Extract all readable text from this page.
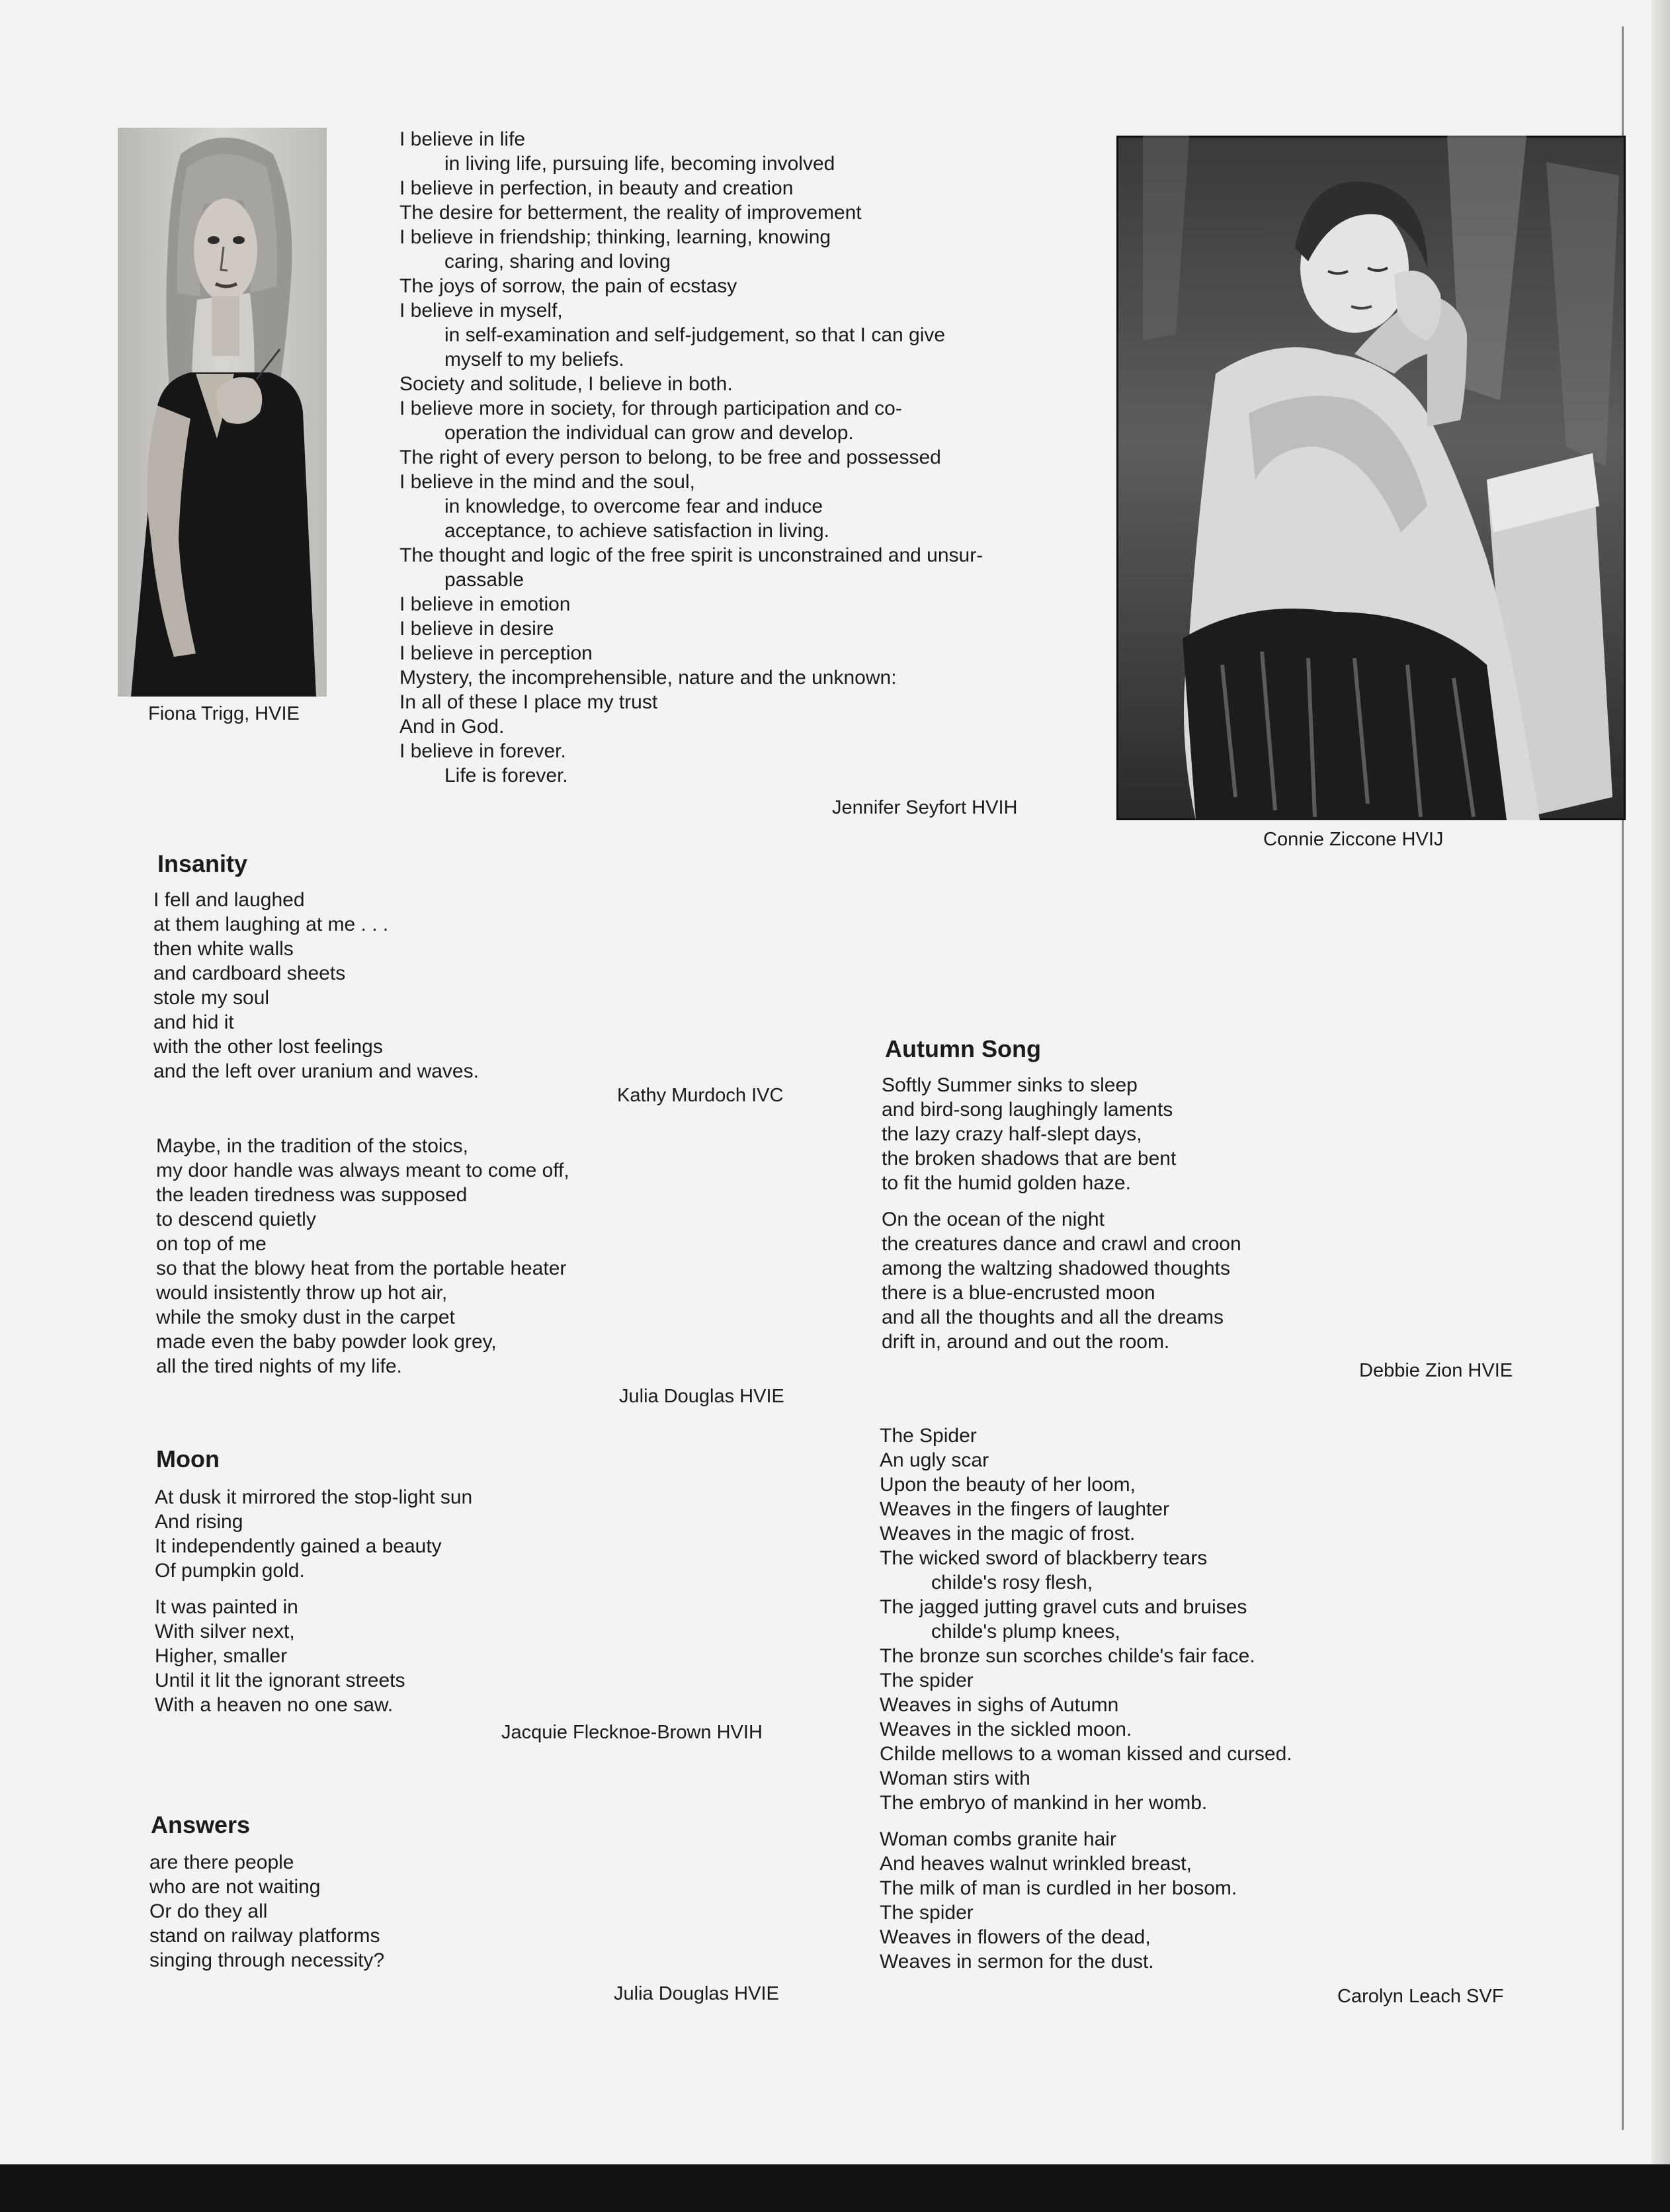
Fiona Trigg, HVIE
Connie Ziccone HVIJ
I believe in life
in living life, pursuing life, becoming involved
I believe in perfection, in beauty and creation
The desire for betterment, the reality of improvement
I believe in friendship; thinking, learning, knowing
caring, sharing and loving
The joys of sorrow, the pain of ecstasy
I believe in myself,
in self-examination and self-judgement, so that I can give
myself to my beliefs.
Society and solitude, I believe in both.
I believe more in society, for through participation and co-
operation the individual can grow and develop.
The right of every person to belong, to be free and possessed
I believe in the mind and the soul,
in knowledge, to overcome fear and induce
acceptance, to achieve satisfaction in living.
The thought and logic of the free spirit is unconstrained and unsur-
passable
I believe in emotion
I believe in desire
I believe in perception
Mystery, the incomprehensible, nature and the unknown:
In all of these I place my trust
And in God.
I believe in forever.
Life is forever.
Jennifer Seyfort HVIH
Insanity
I fell and laughed
at them laughing at me . . .
then white walls
and cardboard sheets
stole my soul
and hid it
with the other lost feelings
and the left over uranium and waves.
Kathy Murdoch IVC
Maybe, in the tradition of the stoics,
my door handle was always meant to come off,
the leaden tiredness was supposed
to descend quietly
on top of me
so that the blowy heat from the portable heater
would insistently throw up hot air,
while the smoky dust in the carpet
made even the baby powder look grey,
all the tired nights of my life.
Julia Douglas HVIE
Moon
At dusk it mirrored the stop-light sun
And rising
It independently gained a beauty
Of pumpkin gold.
It was painted in
With silver next,
Higher, smaller
Until it lit the ignorant streets
With a heaven no one saw.
Jacquie Flecknoe-Brown HVIH
Answers
are there people
who are not waiting
Or do they all
stand on railway platforms
singing through necessity?
Julia Douglas HVIE
Autumn Song
Softly Summer sinks to sleep
and bird-song laughingly laments
the lazy crazy half-slept days,
the broken shadows that are bent
to fit the humid golden haze.
On the ocean of the night
the creatures dance and crawl and croon
among the waltzing shadowed thoughts
there is a blue-encrusted moon
and all the thoughts and all the dreams
drift in, around and out the room.
Debbie Zion HVIE
The Spider
An ugly scar
Upon the beauty of her loom,
Weaves in the fingers of laughter
Weaves in the magic of frost.
The wicked sword of blackberry tears
childe's rosy flesh,
The jagged jutting gravel cuts and bruises
childe's plump knees,
The bronze sun scorches childe's fair face.
The spider
Weaves in sighs of Autumn
Weaves in the sickled moon.
Childe mellows to a woman kissed and cursed.
Woman stirs with
The embryo of mankind in her womb.
Woman combs granite hair
And heaves walnut wrinkled breast,
The milk of man is curdled in her bosom.
The spider
Weaves in flowers of the dead,
Weaves in sermon for the dust.
Carolyn Leach SVF
